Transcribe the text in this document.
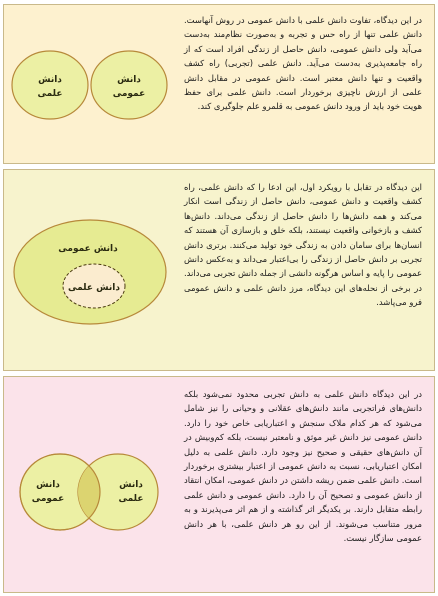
دانش
علمی
دانش
عمومی
در این دیدگاه، تفاوت دانش علمی با دانش عمومی در روش آنهاست. دانش علمی تنها از راه حس و تجربه و به‌صورت نظام‌مند به‌دست می‌آید ولی دانش عمومی، دانش حاصل از زندگی افراد است که از راه جامعه‌پذیری به‌دست می‌آید. دانش علمی (تجربی) راه کشف واقعیت و تنها دانش معتبر است. دانش عمومی در مقابل دانش علمی از ارزش ناچیزی برخوردار است. دانش علمی برای حفظ هویت خود باید از ورود دانش عمومی به قلمرو علم جلوگیری کند.
دانش عمومی
دانش علمی
این دیدگاه در تقابل با رویکرد اول، این ادعا را که دانش علمی، راه کشف واقعیت و دانش عمومی، دانش حاصل از زندگی است انکار می‌کند و همه دانش‌ها را دانش حاصل از زندگی می‌داند. دانش‌ها کشف و بازخوانی واقعیت نیستند، بلکه خلق و بازسازی آن هستند که انسان‌ها برای سامان دادن به زندگی خود تولید می‌کنند. برتری دانش تجربی بر دانش حاصل از زندگی را بی‌اعتبار می‌داند و به‌عکس دانش عمومی را پایه و اساس هرگونه دانشی از جمله دانش تجربی می‌داند. در برخی از نحله‌های این دیدگاه، مرز دانش علمی و دانش عمومی فرو می‌پاشد.
دانش
عمومی
دانش
علمی
در این دیدگاه دانش علمی به دانش تجربی محدود نمی‌شود بلکه دانش‌های فراتجربی مانند دانش‌های عقلانی و وحیانی را نیز شامل می‌شود که هر کدام ملاک سنجش و اعتباریابی خاص خود را دارد. دانش عمومی نیز دانش غیر موثق و نامعتبر نیست، بلکه کم‌وبیش در آن دانش‌های حقیقی و صحیح نیز وجود دارد. دانش علمی به دلیل امکان اعتباریابی، نسبت به دانش عمومی از اعتبار بیشتری برخوردار است. دانش علمی ضمن ریشه داشتن در دانش عمومی، امکان انتقاد از دانش عمومی و تصحیح آن را دارد. دانش عمومی و دانش علمی رابطه متقابل دارند. بر یکدیگر اثر گذاشته و از هم اثر می‌پذیرند و به مرور متناسب می‌شوند. از این رو هر دانش علمی، با هر دانش عمومی سازگار نیست.
